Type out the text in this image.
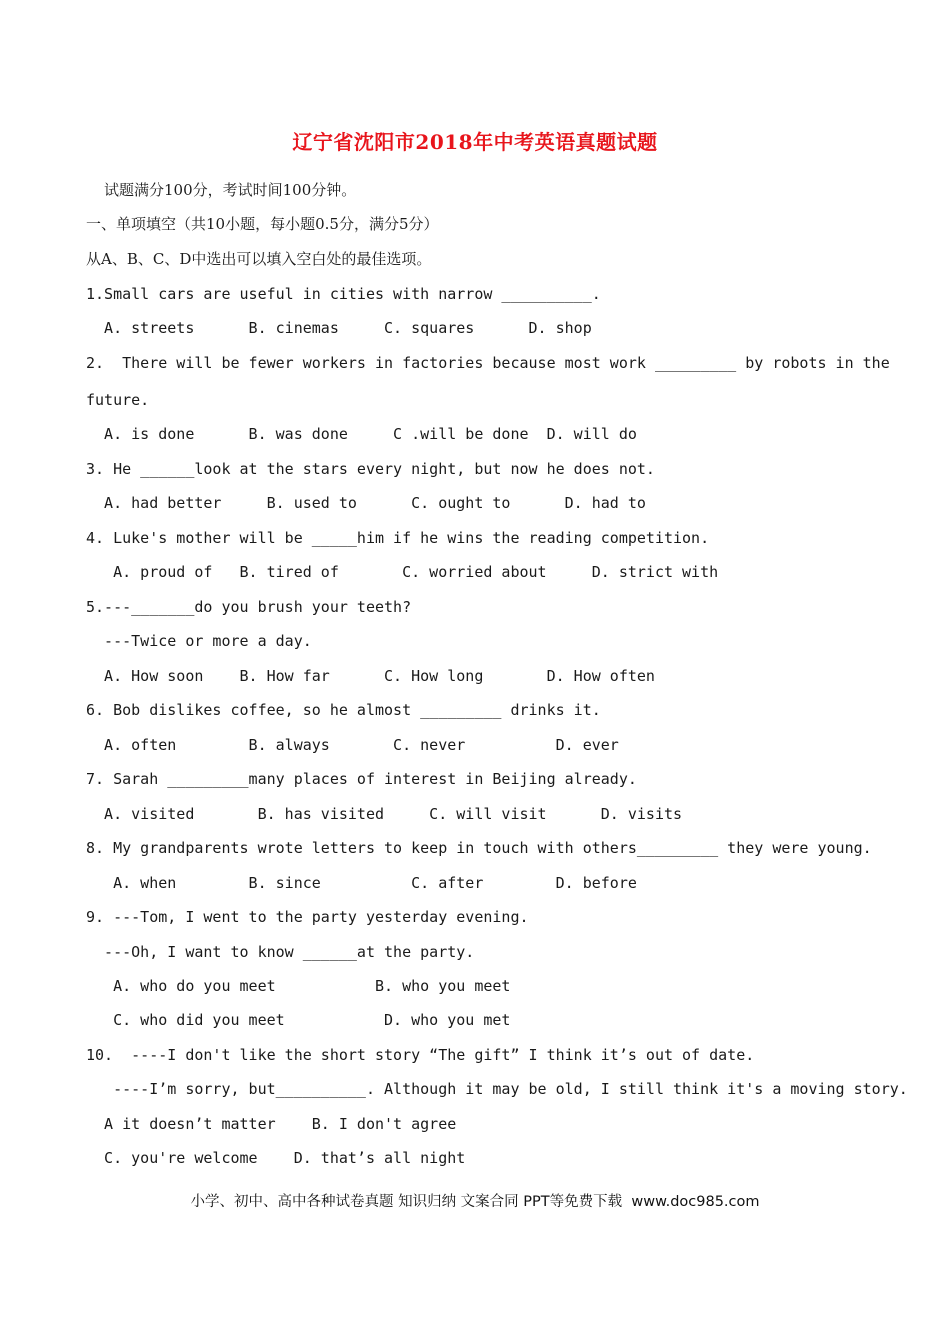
辽宁省沈阳市2018年中考英语真题试题
试题满分100分，考试时间100分钟。
一、单项填空（共10小题，每小题0.5分，满分5分）
从A、B、C、D中选出可以填入空白处的最佳选项。
1.Small cars are useful in cities with narrow __________.
A. streets      B. cinemas     C. squares      D. shop
2.  There will be fewer workers in factories because most work _________ by robots in the
future.
A. is done      B. was done     C .will be done  D. will do
3. He ______look at the stars every night, but now he does not.
A. had better     B. used to      C. ought to      D. had to
4. Luke's mother will be _____him if he wins the reading competition.
A. proud of   B. tired of       C. worried about     D. strict with
5.---_______do you brush your teeth?
---Twice or more a day.
A. How soon    B. How far      C. How long       D. How often
6. Bob dislikes coffee, so he almost _________ drinks it.
A. often        B. always       C. never          D. ever
7. Sarah _________many places of interest in Beijing already.
A. visited       B. has visited     C. will visit      D. visits
8. My grandparents wrote letters to keep in touch with others_________ they were young.
A. when        B. since          C. after        D. before
9. ---Tom, I went to the party yesterday evening.
---Oh, I want to know ______at the party.
A. who do you meet           B. who you meet
C. who did you meet           D. who you met
10.  ----I don't like the short story “The gift” I think it’s out of date.
----I’m sorry, but__________. Although it may be old, I still think it's a moving story.
A it doesn’t matter    B. I don't agree
C. you're welcome    D. that’s all night
小学、初中、高中各种试卷真题 知识归纳 文案合同 PPT等免费下载  www.doc985.com
